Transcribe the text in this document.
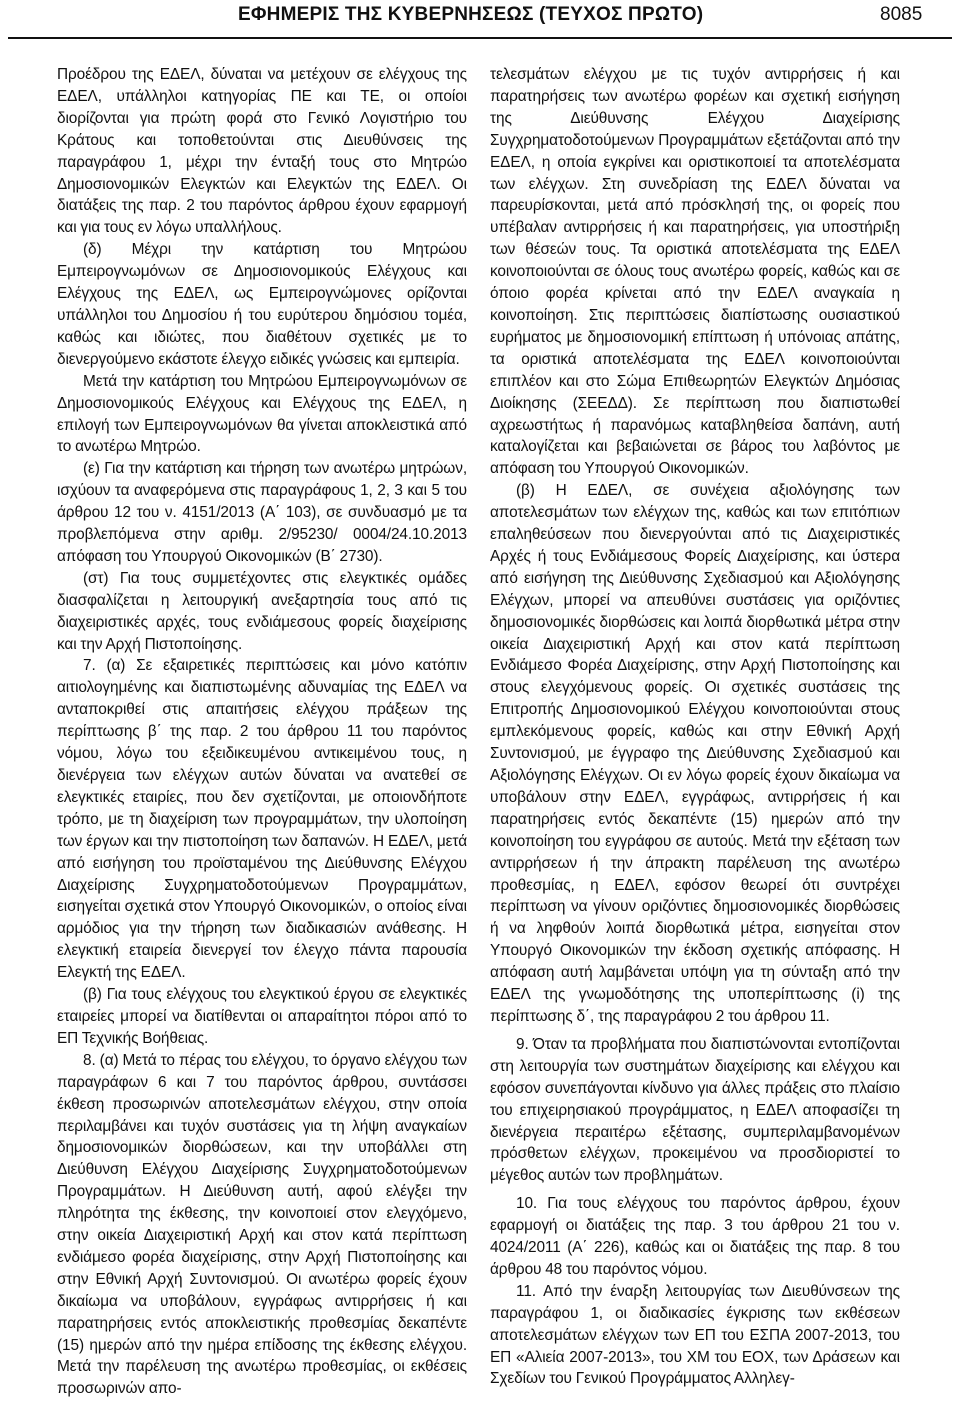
ΕΦΗΜΕΡΙΣ ΤΗΣ ΚΥΒΕΡΝΗΣΕΩΣ (ΤΕΥΧΟΣ ΠΡΩΤΟ)	8085

Προέδρου της ΕΔΕΛ, δύναται να μετέχουν σε ελέγχους της ΕΔΕΛ, υπάλληλοι κατηγορίας ΠΕ και ΤΕ, οι οποίοι διορίζονται για πρώτη φορά στο Γενικό Λογιστήριο του Κράτους και τοποθετούνται στις Διευθύνσεις της παραγράφου 1, μέχρι την ένταξή τους στο Μητρώο Δημοσιονομικών Ελεγκτών και Ελεγκτών της ΕΔΕΛ. Οι διατάξεις της παρ. 2 του παρόντος άρθρου έχουν εφαρμογή και για τους εν λόγω υπαλλήλους.

(δ) Μέχρι την κατάρτιση του Μητρώου Εμπειρογνωμόνων σε Δημοσιονομικούς Ελέγχους και Ελέγχους της ΕΔΕΛ, ως Εμπειρογνώμονες ορίζονται υπάλληλοι του Δημοσίου ή του ευρύτερου δημόσιου τομέα, καθώς και ιδιώτες, που διαθέτουν σχετικές με το διενεργούμενο εκάστοτε έλεγχο ειδικές γνώσεις και εμπειρία.

Μετά την κατάρτιση του Μητρώου Εμπειρογνωμόνων σε Δημοσιονομικούς Ελέγχους και Ελέγχους της ΕΔΕΛ, η επιλογή των Εμπειρογνωμόνων θα γίνεται αποκλειστικά από το ανωτέρω Μητρώο.

(ε) Για την κατάρτιση και τήρηση των ανωτέρω μητρώων, ισχύουν τα αναφερόμενα στις παραγράφους 1, 2, 3 και 5 του άρθρου 12 του ν. 4151/2013 (Α΄ 103), σε συνδυασμό με τα προβλεπόμενα στην αριθμ. 2/95230/ 0004/24.10.2013 απόφαση του Υπουργού Οικονομικών (Β΄ 2730).

(στ) Για τους συμμετέχοντες στις ελεγκτικές ομάδες διασφαλίζεται η λειτουργική ανεξαρτησία τους από τις διαχειριστικές αρχές, τους ενδιάμεσους φορείς διαχείρισης και την Αρχή Πιστοποίησης.

7. (α) Σε εξαιρετικές περιπτώσεις και μόνο κατόπιν αιτιολογημένης και διαπιστωμένης αδυναμίας της ΕΔΕΛ να ανταποκριθεί στις απαιτήσεις ελέγχου πράξεων της περίπτωσης β΄ της παρ. 2 του άρθρου 11 του παρόντος νόμου, λόγω του εξειδικευμένου αντικειμένου τους, η διενέργεια των ελέγχων αυτών δύναται να ανατεθεί σε ελεγκτικές εταιρίες, που δεν σχετίζονται, με οποιονδήποτε τρόπο, με τη διαχείριση των προγραμμάτων, την υλοποίηση των έργων και την πιστοποίηση των δαπανών. Η ΕΔΕΛ, μετά από εισήγηση του προϊσταμένου της Διεύθυνσης Ελέγχου Διαχείρισης Συγχρηματοδοτούμενων Προγραμμάτων, εισηγείται σχετικά στον Υπουργό Οικονομικών, ο οποίος είναι αρμόδιος για την τήρηση των διαδικασιών ανάθεσης. Η ελεγκτική εταιρεία διενεργεί τον έλεγχο πάντα παρουσία Ελεγκτή της ΕΔΕΛ.

(β) Για τους ελέγχους του ελεγκτικού έργου σε ελεγκτικές εταιρείες μπορεί να διατίθενται οι απαραίτητοι πόροι από το ΕΠ Τεχνικής Βοήθειας.

8. (α) Μετά το πέρας του ελέγχου, το όργανο ελέγχου των παραγράφων 6 και 7 του παρόντος άρθρου, συντάσσει έκθεση προσωρινών αποτελεσμάτων ελέγχου, στην οποία περιλαμβάνει και τυχόν συστάσεις για τη λήψη αναγκαίων δημοσιονομικών διορθώσεων, και την υποβάλλει στη Διεύθυνση Ελέγχου Διαχείρισης Συγχρηματοδοτούμενων Προγραμμάτων. Η Διεύθυνση αυτή, αφού ελέγξει την πληρότητα της έκθεσης, την κοινοποιεί στον ελεγχόμενο, στην οικεία Διαχειριστική Αρχή και στον κατά περίπτωση ενδιάμεσο φορέα διαχείρισης, στην Αρχή Πιστοποίησης και στην Εθνική Αρχή Συντονισμού. Οι ανωτέρω φορείς έχουν δικαίωμα να υποβάλουν, εγγράφως αντιρρήσεις ή και παρατηρήσεις εντός αποκλειστικής προθεσμίας δεκαπέντε (15) ημερών από την ημέρα επίδοσης της έκθεσης ελέγχου. Μετά την παρέλευση της ανωτέρω προθεσμίας, οι εκθέσεις προσωρινών απο-

τελεσμάτων ελέγχου με τις τυχόν αντιρρήσεις ή και παρατηρήσεις των ανωτέρω φορέων και σχετική εισήγηση της Διεύθυνσης Ελέγχου Διαχείρισης Συγχρηματοδοτούμενων Προγραμμάτων εξετάζονται από την ΕΔΕΛ, η οποία εγκρίνει και οριστικοποιεί τα αποτελέσματα των ελέγχων. Στη συνεδρίαση της ΕΔΕΛ δύναται να παρευρίσκονται, μετά από πρόσκλησή της, οι φορείς που υπέβαλαν αντιρρήσεις ή και παρατηρήσεις, για υποστήριξη των θέσεών τους. Τα οριστικά αποτελέσματα της ΕΔΕΛ κοινοποιούνται σε όλους τους ανωτέρω φορείς, καθώς και σε όποιο φορέα κρίνεται από την ΕΔΕΛ αναγκαία η κοινοποίηση. Στις περιπτώσεις διαπίστωσης ουσιαστικού ευρήματος με δημοσιονομική επίπτωση ή υπόνοιας απάτης, τα οριστικά αποτελέσματα της ΕΔΕΛ κοινοποιούνται επιπλέον και στο Σώμα Επιθεωρητών Ελεγκτών Δημόσιας Διοίκησης (ΣΕΕΔΔ). Σε περίπτωση που διαπιστωθεί αχρεωστήτως ή παρανόμως καταβληθείσα δαπάνη, αυτή καταλογίζεται και βεβαιώνεται σε βάρος του λαβόντος με απόφαση του Υπουργού Οικονομικών.

(β) Η ΕΔΕΛ, σε συνέχεια αξιολόγησης των αποτελεσμάτων των ελέγχων της, καθώς και των επιτόπιων επαληθεύσεων που διενεργούνται από τις Διαχειριστικές Αρχές ή τους Ενδιάμεσους Φορείς Διαχείρισης, και ύστερα από εισήγηση της Διεύθυνσης Σχεδιασμού και Αξιολόγησης Ελέγχων, μπορεί να απευθύνει συστάσεις για οριζόντιες δημοσιονομικές διορθώσεις και λοιπά διορθωτικά μέτρα στην οικεία Διαχειριστική Αρχή και στον κατά περίπτωση Ενδιάμεσο Φορέα Διαχείρισης, στην Αρχή Πιστοποίησης και στους ελεγχόμενους φορείς. Οι σχετικές συστάσεις της Επιτροπής Δημοσιονομικού Ελέγχου κοινοποιούνται στους εμπλεκόμενους φορείς, καθώς και στην Εθνική Αρχή Συντονισμού, με έγγραφο της Διεύθυνσης Σχεδιασμού και Αξιολόγησης Ελέγχων. Οι εν λόγω φορείς έχουν δικαίωμα να υποβάλουν στην ΕΔΕΛ, εγγράφως, αντιρρήσεις ή και παρατηρήσεις εντός δεκαπέντε (15) ημερών από την κοινοποίηση του εγγράφου σε αυτούς. Μετά την εξέταση των αντιρρήσεων ή την άπρακτη παρέλευση της ανωτέρω προθεσμίας, η ΕΔΕΛ, εφόσον θεωρεί ότι συντρέχει περίπτωση να γίνουν οριζόντιες δημοσιονομικές διορθώσεις ή να ληφθούν λοιπά διορθωτικά μέτρα, εισηγείται στον Υπουργό Οικονομικών την έκδοση σχετικής απόφασης. Η απόφαση αυτή λαμβάνεται υπόψη για τη σύνταξη από την ΕΔΕΛ της γνωμοδότησης της υποπερίπτωσης (i) της περίπτωσης δ΄, της παραγράφου 2 του άρθρου 11.

9. Όταν τα προβλήματα που διαπιστώνονται εντοπίζονται στη λειτουργία των συστημάτων διαχείρισης και ελέγχου και εφόσον συνεπάγονται κίνδυνο για άλλες πράξεις στο πλαίσιο του επιχειρησιακού προγράμματος, η ΕΔΕΛ αποφασίζει τη διενέργεια περαιτέρω εξέτασης, συμπεριλαμβανομένων πρόσθετων ελέγχων, προκειμένου να προσδιοριστεί το μέγεθος αυτών των προβλημάτων.

10. Για τους ελέγχους του παρόντος άρθρου, έχουν εφαρμογή οι διατάξεις της παρ. 3 του άρθρου 21 του ν. 4024/2011 (Α΄ 226), καθώς και οι διατάξεις της παρ. 8 του άρθρου 48 του παρόντος νόμου.

11. Από την έναρξη λειτουργίας των Διευθύνσεων της παραγράφου 1, οι διαδικασίες έγκρισης των εκθέσεων αποτελεσμάτων ελέγχων των ΕΠ του ΕΣΠΑ 2007-2013, του ΕΠ «Αλιεία 2007-2013», του ΧΜ του ΕΟΧ, των Δράσεων και Σχεδίων του Γενικού Προγράμματος Αλληλεγ-
